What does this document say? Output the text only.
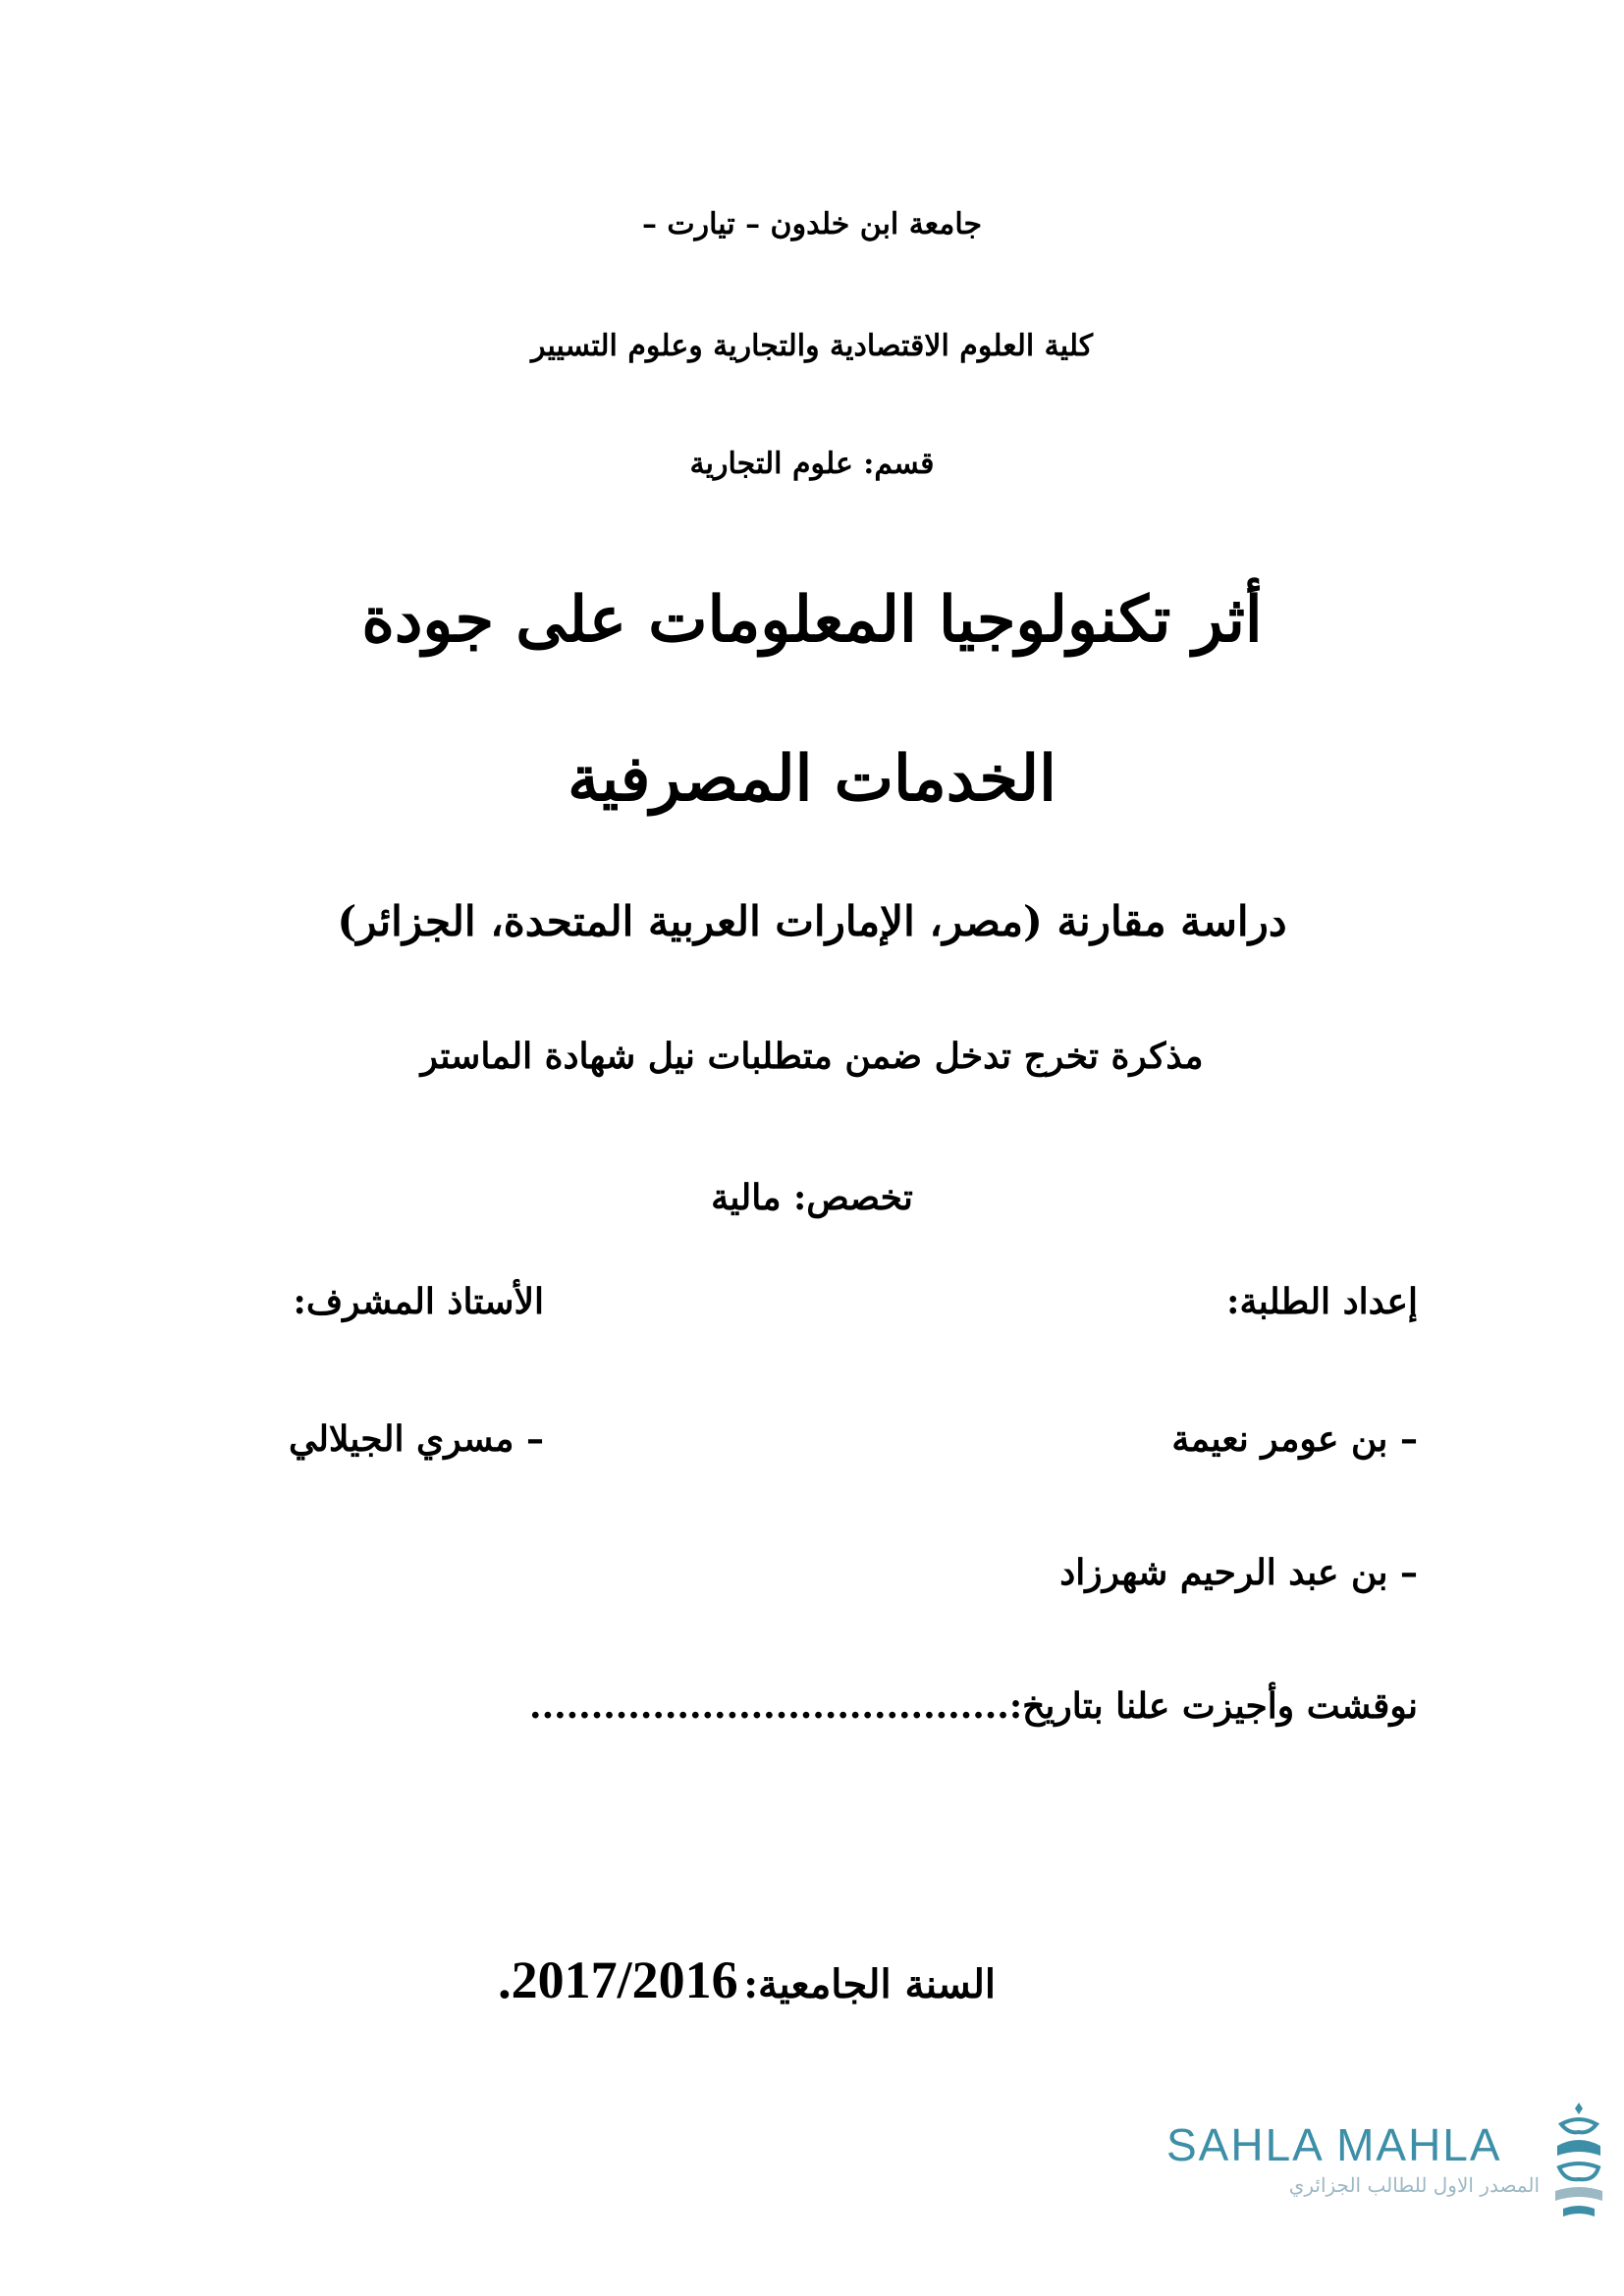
جامعة ابن خلدون – تيارت –
كلية العلوم الاقتصادية والتجارية وعلوم التسيير
قسم: علوم التجارية
أثر تكنولوجيا المعلومات على جودة
الخدمات المصرفية
دراسة مقارنة (مصر، الإمارات العربية المتحدة، الجزائر)
مذكرة تخرج تدخل ضمن متطلبات نيل شهادة الماستر
تخصص: مالية
إعداد الطلبة:
الأستاذ المشرف:
– بن عومر نعيمة
– مسري الجيلالي
– بن عبد الرحيم شهرزاد
نوقشت وأجيزت علنا بتاريخ:.......................................
السنة الجامعية: 2017/2016.
SAHLA MAHLA
المصدر الاول للطالب الجزائري
